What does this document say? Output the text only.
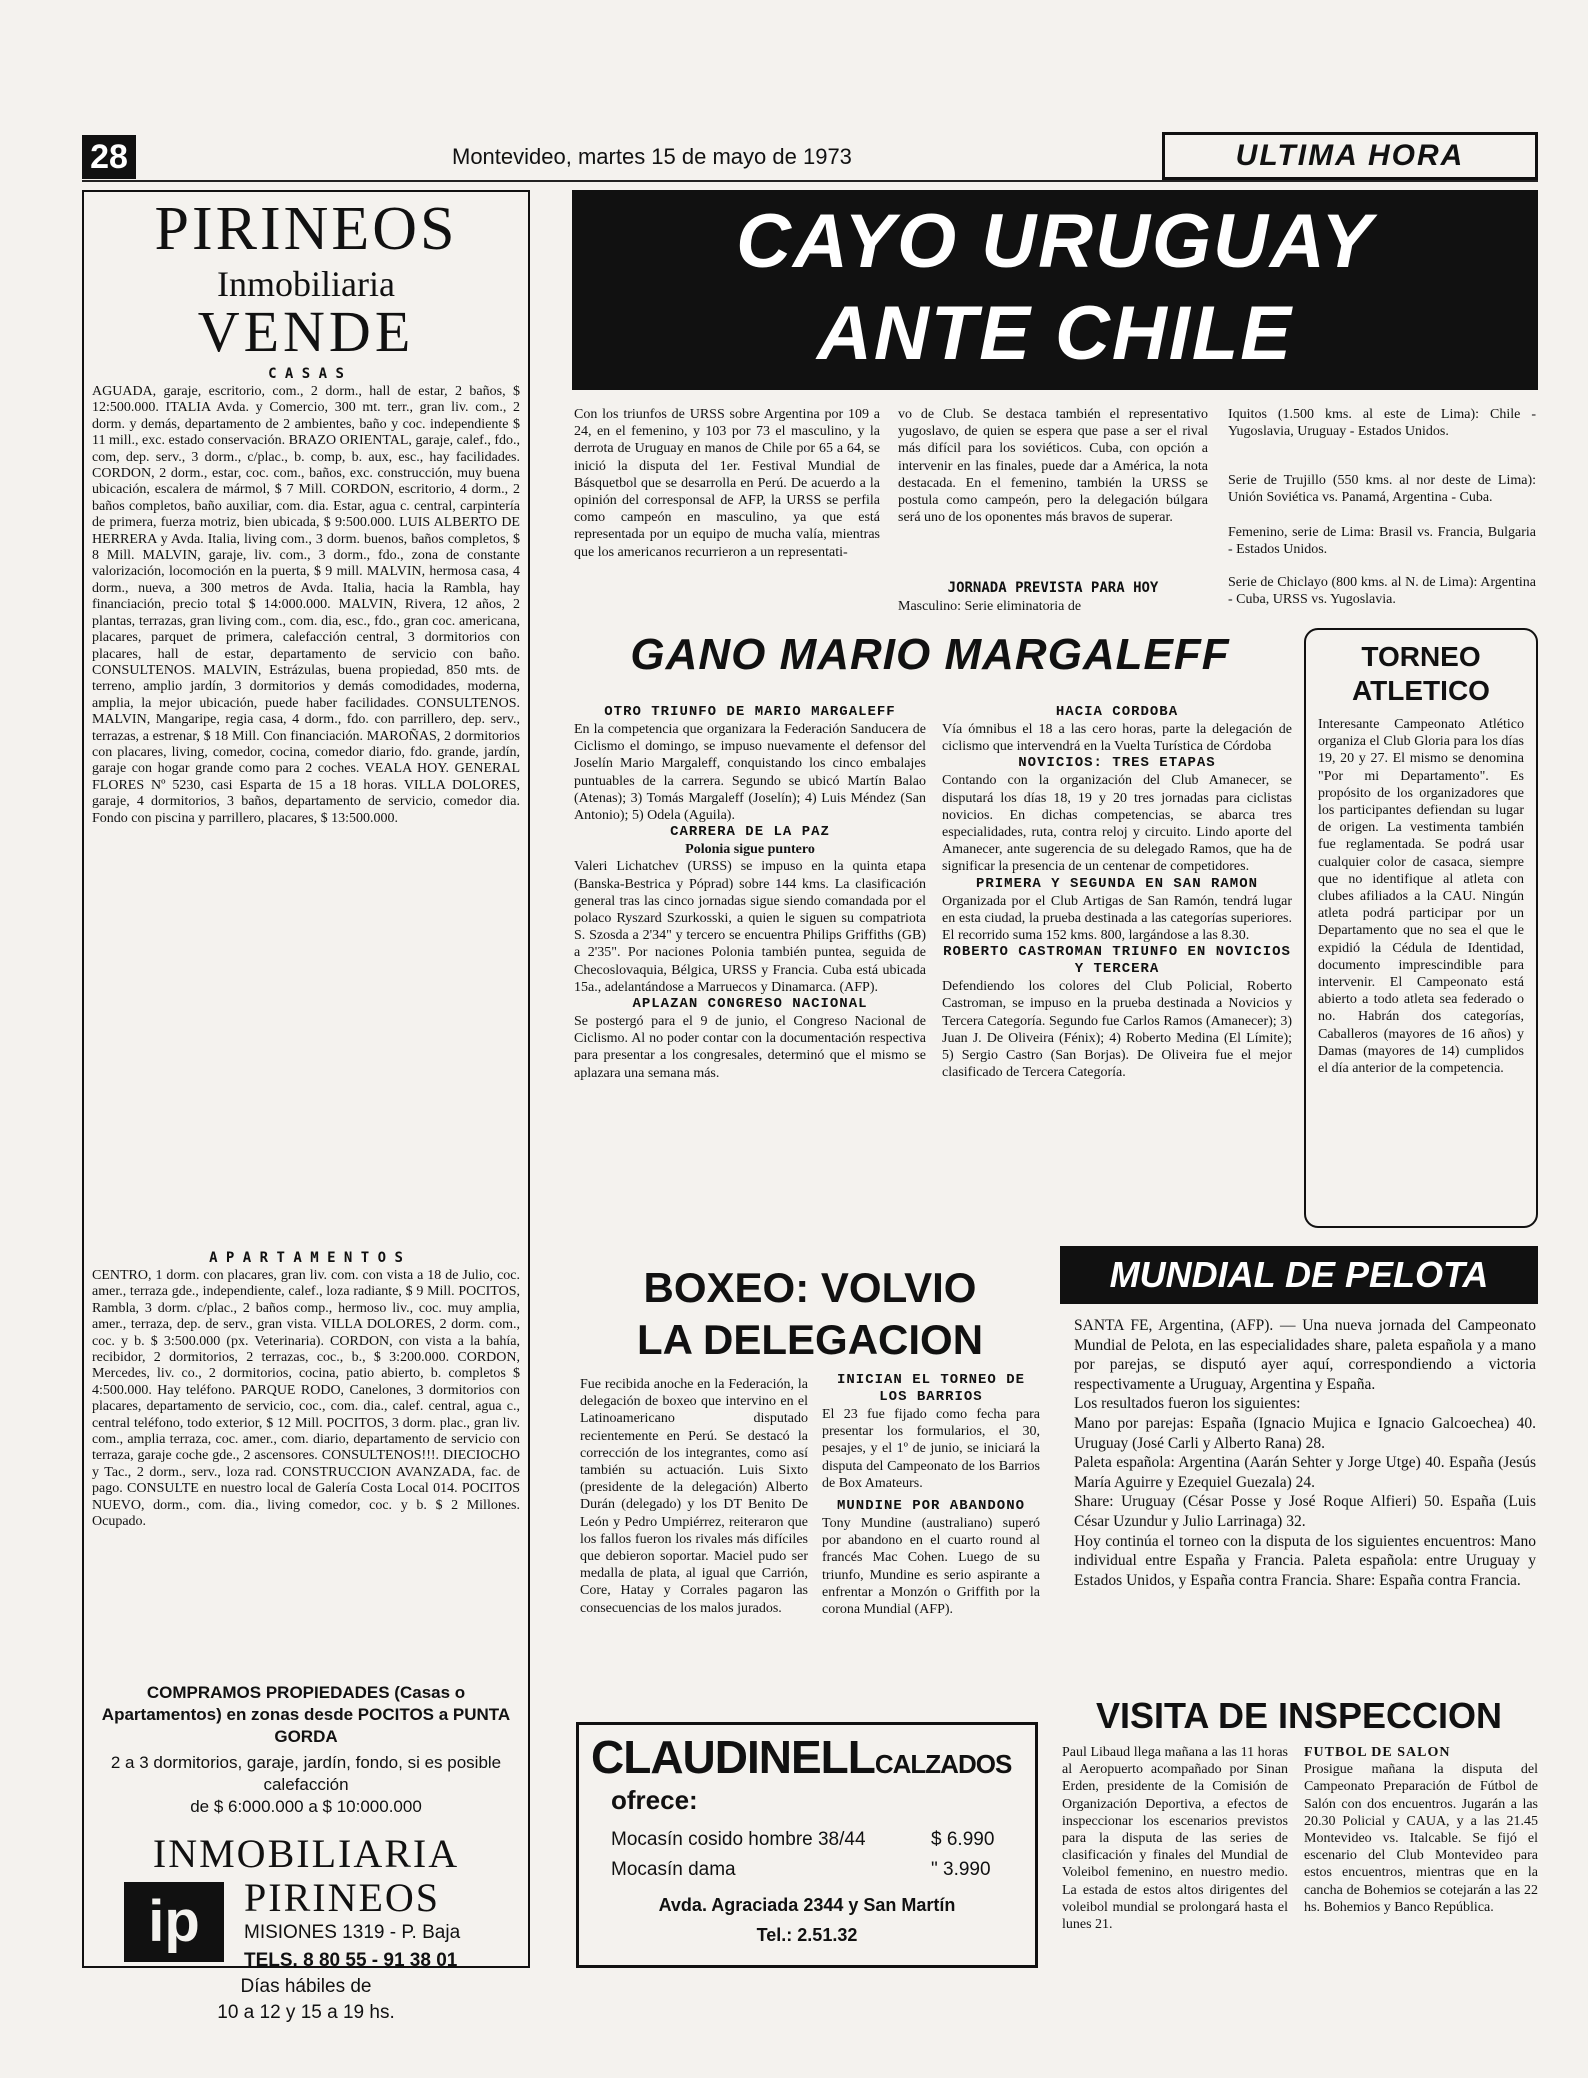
28	Montevideo, martes 15 de mayo de 1973	ULTIMA HORA
PIRINEOS
Inmobiliaria
VENDE
C A S A S
AGUADA, garaje, escritorio, com., 2 dorm., hall de estar, 2 baños, $ 12:500.000. ITALIA Avda. y Comercio, 300 mt. terr., gran liv. com., 2 dorm. y demás, departamento de 2 ambientes, baño y coc. independiente $ 11 mill., exc. estado conservación. BRAZO ORIENTAL, garaje, calef., fdo., com, dep. serv., 3 dorm., c/plac., b. comp, b. aux, esc., hay facilidades. CORDON, 2 dorm., estar, coc. com., baños, exc. construcción, muy buena ubicación, escalera de mármol, $ 7 Mill. CORDON, escritorio, 4 dorm., 2 baños completos, baño auxiliar, com. dia. Estar, agua c. central, carpintería de primera, fuerza motriz, bien ubicada, $ 9:500.000. LUIS ALBERTO DE HERRERA y Avda. Italia, living com., 3 dorm. buenos, baños completos, $ 8 Mill. MALVIN, garaje, liv. com., 3 dorm., fdo., zona de constante valorización, locomoción en la puerta, $ 9 mill. MALVIN, hermosa casa, 4 dorm., nueva, a 300 metros de Avda. Italia, hacia la Rambla, hay financiación, precio total $ 14:000.000. MALVIN, Rivera, 12 años, 2 plantas, terrazas, gran living com., com. dia, esc., fdo., gran coc. americana, placares, parquet de primera, calefacción central, 3 dormitorios con placares, hall de estar, departamento de servicio con baño. CONSULTENOS. MALVIN, Estrázulas, buena propiedad, 850 mts. de terreno, amplio jardín, 3 dormitorios y demás comodidades, moderna, amplia, la mejor ubicación, puede haber facilidades. CONSULTENOS. MALVIN, Mangaripe, regia casa, 4 dorm., fdo. con parrillero, dep. serv., terrazas, a estrenar, $ 18 Mill. Con financiación. MAROÑAS, 2 dormitorios con placares, living, comedor, cocina, comedor diario, fdo. grande, jardín, garaje con hogar grande como para 2 coches. VEALA HOY. GENERAL FLORES Nº 5230, casi Esparta de 15 a 18 horas. VILLA DOLORES, garaje, 4 dormitorios, 3 baños, departamento de servicio, comedor dia. Fondo con piscina y parrillero, placares, $ 13:500.000.
A P A R T A M E N T O S
CENTRO, 1 dorm. con placares, gran liv. com. con vista a 18 de Julio, coc. amer., terraza gde., independiente, calef., loza radiante, $ 9 Mill. POCITOS, Rambla, 3 dorm. c/plac., 2 baños comp., hermoso liv., coc. muy amplia, amer., terraza, dep. de serv., gran vista. VILLA DOLORES, 2 dorm. com., coc. y b. $ 3:500.000 (px. Veterinaria). CORDON, con vista a la bahía, recibidor, 2 dormitorios, 2 terrazas, coc., b., $ 3:200.000. CORDON, Mercedes, liv. co., 2 dormitorios, cocina, patio abierto, b. completos $ 4:500.000. Hay teléfono. PARQUE RODO, Canelones, 3 dormitorios con placares, departamento de servicio, coc., com. dia., calef. central, agua c., central teléfono, todo exterior, $ 12 Mill. POCITOS, 3 dorm. plac., gran liv. com., amplia terraza, coc. amer., com. diario, departamento de servicio con terraza, garaje coche gde., 2 ascensores. CONSULTENOS!!!. DIECIOCHO y Tac., 2 dorm., serv., loza rad. CONSTRUCCION AVANZADA, fac. de pago. CONSULTE en nuestro local de Galería Costa Local 014. POCITOS NUEVO, dorm., com. dia., living comedor, coc. y b. $ 2 Millones. Ocupado.
COMPRAMOS PROPIEDADES (Casas o Apartamentos) en zonas desde POCITOS a PUNTA GORDA
2 a 3 dormitorios, garaje, jardín, fondo, si es posible calefacción
de $ 6:000.000 a $ 10:000.000
INMOBILIARIA
ip	PIRINEOS
MISIONES 1319 - P. Baja
TELS. 8 80 55 - 91 38 01
CAYO URUGUAY
ANTE CHILE
Con los triunfos de URSS sobre Argentina por 109 a 24, en el femenino, y 103 por 73 el masculino, y la derrota de Uruguay en manos de Chile por 65 a 64, se inició la disputa del 1er. Festival Mundial de Básquetbol que se desarrolla en Perú. De acuerdo a la opinión del corresponsal de AFP, la URSS se perfila como campeón en masculino, ya que está representada por un equipo de mucha valía, mientras que los americanos recurrieron a un representati-
vo de Club. Se destaca también el representativo yugoslavo, de quien se espera que pase a ser el rival más difícil para los soviéticos. Cuba, con opción a intervenir en las finales, puede dar a América, la nota destacada. En el femenino, también la URSS se postula como campeón, pero la delegación búlgara será uno de los oponentes más bravos de superar.
JORNADA PREVISTA PARA HOY
Masculino: Serie eliminatoria de
Iquitos (1.500 kms. al este de Lima): Chile - Yugoslavia, Uruguay - Estados Unidos.
Serie de Trujillo (550 kms. al nor deste de Lima): Unión Soviética vs. Panamá, Argentina - Cuba.
Femenino, serie de Lima: Brasil vs. Francia, Bulgaria - Estados Unidos.
Serie de Chiclayo (800 kms. al N. de Lima): Argentina - Cuba, URSS vs. Yugoslavia.
GANO MARIO MARGALEFF
OTRO TRIUNFO DE MARIO MARGALEFF
En la competencia que organizara la Federación Sanducera de Ciclismo el domingo, se impuso nuevamente el defensor del Joselín Mario Margaleff, conquistando los cinco embalajes puntuables de la carrera. Segundo se ubicó Martín Balao (Atenas); 3) Tomás Margaleff (Joselín); 4) Luis Méndez (San Antonio); 5) Odela (Aguila).
CARRERA DE LA PAZ
Polonia sigue puntero
Valeri Lichatchev (URSS) se impuso en la quinta etapa (Banska-Bestrica y Póprad) sobre 144 kms. La clasificación general tras las cinco jornadas sigue siendo comandada por el polaco Ryszard Szurkosski, a quien le siguen su compatriota S. Szosda a 2'34" y tercero se encuentra Philips Griffiths (GB) a 2'35". Por naciones Polonia también puntea, seguida de Checoslovaquia, Bélgica, URSS y Francia. Cuba está ubicada 15a., adelantándose a Marruecos y Dinamarca. (AFP).
APLAZAN CONGRESO NACIONAL
Se postergó para el 9 de junio, el Congreso Nacional de Ciclismo. Al no poder contar con la documentación respectiva para presentar a los congresales, determinó que el mismo se aplazara una semana más.
HACIA CORDOBA
Vía ómnibus el 18 a las cero horas, parte la delegación de ciclismo que intervendrá en la Vuelta Turística de Córdoba
NOVICIOS: TRES ETAPAS
Contando con la organización del Club Amanecer, se disputará los días 18, 19 y 20 tres jornadas para ciclistas novicios. En dichas competencias, se abarca tres especialidades, ruta, contra reloj y circuito. Lindo aporte del Amanecer, ante sugerencia de su delegado Ramos, que ha de significar la presencia de un centenar de competidores.
PRIMERA Y SEGUNDA EN SAN RAMON
Organizada por el Club Artigas de San Ramón, tendrá lugar en esta ciudad, la prueba destinada a las categorías superiores. El recorrido suma 152 kms. 800, largándose a las 8.30.
ROBERTO CASTROMAN TRIUNFO EN NOVICIOS Y TERCERA
Defendiendo los colores del Club Policial, Roberto Castroman, se impuso en la prueba destinada a Novicios y Tercera Categoría. Segundo fue Carlos Ramos (Amanecer); 3) Juan J. De Oliveira (Fénix); 4) Roberto Medina (El Límite); 5) Sergio Castro (San Borjas). De Oliveira fue el mejor clasificado de Tercera Categoría.
TORNEO ATLETICO
Interesante Campeonato Atlético organiza el Club Gloria para los días 19, 20 y 27. El mismo se denomina "Por mi Departamento". Es propósito de los organizadores que los participantes defiendan su lugar de origen. La vestimenta también fue reglamentada. Se podrá usar cualquier color de casaca, siempre que no identifique al atleta con clubes afiliados a la CAU. Ningún atleta podrá participar por un Departamento que no sea el que le expidió la Cédula de Identidad, documento imprescindible para intervenir. El Campeonato está abierto a todo atleta sea federado o no. Habrán dos categorías, Caballeros (mayores de 16 años) y Damas (mayores de 14) cumplidos el día anterior de la competencia.
MUNDIAL DE PELOTA
SANTA FE, Argentina, (AFP). — Una nueva jornada del Campeonato Mundial de Pelota, en las especialidades share, paleta española y a mano por parejas, se disputó ayer aquí, correspondiendo a victoria respectivamente a Uruguay, Argentina y España.
Los resultados fueron los siguientes:
Mano por parejas: España (Ignacio Mujica e Ignacio Galcoechea) 40. Uruguay (José Carli y Alberto Rana) 28.
Paleta española: Argentina (Aarán Sehter y Jorge Utge) 40. España (Jesús María Aguirre y Ezequiel Guezala) 24.
Share: Uruguay (César Posse y José Roque Alfieri) 50. España (Luis César Uzundur y Julio Larrinaga) 32.
Hoy continúa el torneo con la disputa de los siguientes encuentros: Mano individual entre España y Francia. Paleta española: entre Uruguay y Estados Unidos, y España contra Francia. Share: España contra Francia.
BOXEO: VOLVIO
LA DELEGACION
Fue recibida anoche en la Federación, la delegación de boxeo que intervino en el Latinoamericano disputado recientemente en Perú. Se destacó la corrección de los integrantes, como así también su actuación. Luis Sixto (presidente de la delegación) Alberto Durán (delegado) y los DT Benito De León y Pedro Umpiérrez, reiteraron que los fallos fueron los rivales más difíciles que debieron soportar. Maciel pudo ser medalla de plata, al igual que Carrión, Core, Hatay y Corrales pagaron las consecuencias de los malos jurados.
INICIAN EL TORNEO DE LOS BARRIOS
El 23 fue fijado como fecha para presentar los formularios, el 30, pesajes, y el 1º de junio, se iniciará la disputa del Campeonato de los Barrios de Box Amateurs.
MUNDINE POR ABANDONO
Tony Mundine (australiano) superó por abandono en el cuarto round al francés Mac Cohen. Luego de su triunfo, Mundine es serio aspirante a enfrentar a Monzón o Griffith por la corona Mundial (AFP).
CLAUDINELLCALZADOS
ofrece:
Mocasín cosido hombre 38/44	$ 6.990
Mocasín dama	" 3.990
Avda. Agraciada 2344 y San Martín
Tel.: 2.51.32
VISITA DE INSPECCION
Paul Libaud llega mañana a las 11 horas al Aeropuerto acompañado por Sinan Erden, presidente de la Comisión de Organización Deportiva, a efectos de inspeccionar los escenarios previstos para la disputa de las series de clasificación y finales del Mundial de Voleibol femenino, en nuestro medio. La estada de estos altos dirigentes del voleibol mundial se prolongará hasta el lunes 21.
FUTBOL DE SALON
Prosigue mañana la disputa del Campeonato Preparación de Fútbol de Salón con dos encuentros. Jugarán a las 20.30 Policial y CAUA, y a las 21.45 Montevideo vs. Italcable. Se fijó el escenario del Club Montevideo para estos encuentros, mientras que en la cancha de Bohemios se cotejarán a las 22 hs. Bohemios y Banco República.
Días hábiles de
10 a 12 y 15 a 19 hs.
